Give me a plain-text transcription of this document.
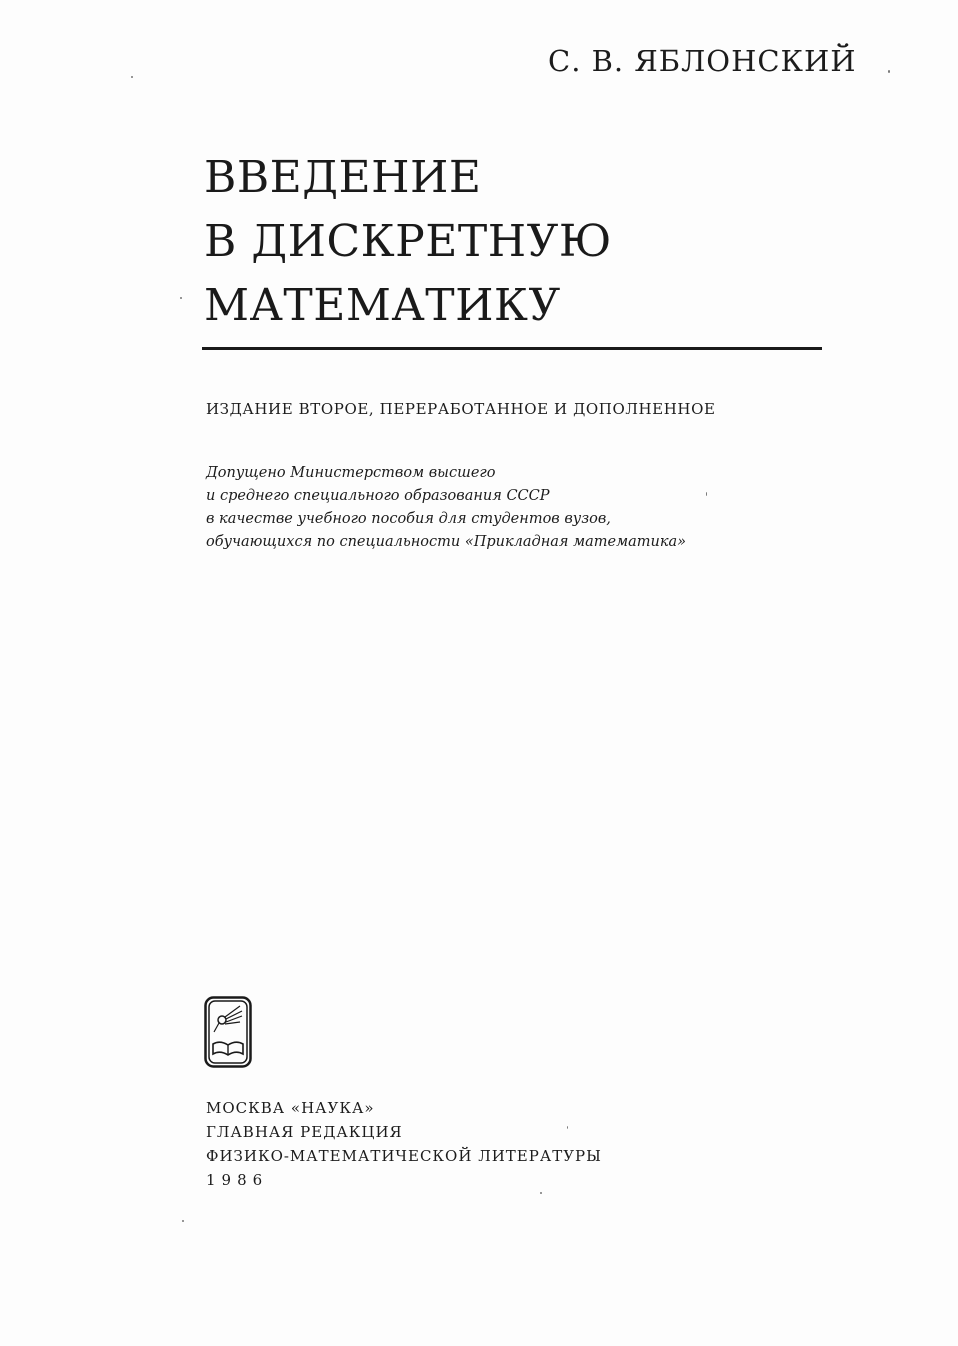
С. В. ЯБЛОНСКИЙ
ВВЕДЕНИЕ
В ДИСКРЕТНУЮ
МАТЕМАТИКУ
ИЗДАНИЕ ВТОРОЕ, ПЕРЕРАБОТАННОЕ И ДОПОЛНЕННОЕ
Допущено Министерством высшего
и среднего специального образования СССР
в качестве учебного пособия для студентов вузов,
обучающихся по специальности «Прикладная математика»
МОСКВА «НАУКА»
ГЛАВНАЯ РЕДАКЦИЯ
ФИЗИКО-МАТЕМАТИЧЕСКОЙ ЛИТЕРАТУРЫ
1986
